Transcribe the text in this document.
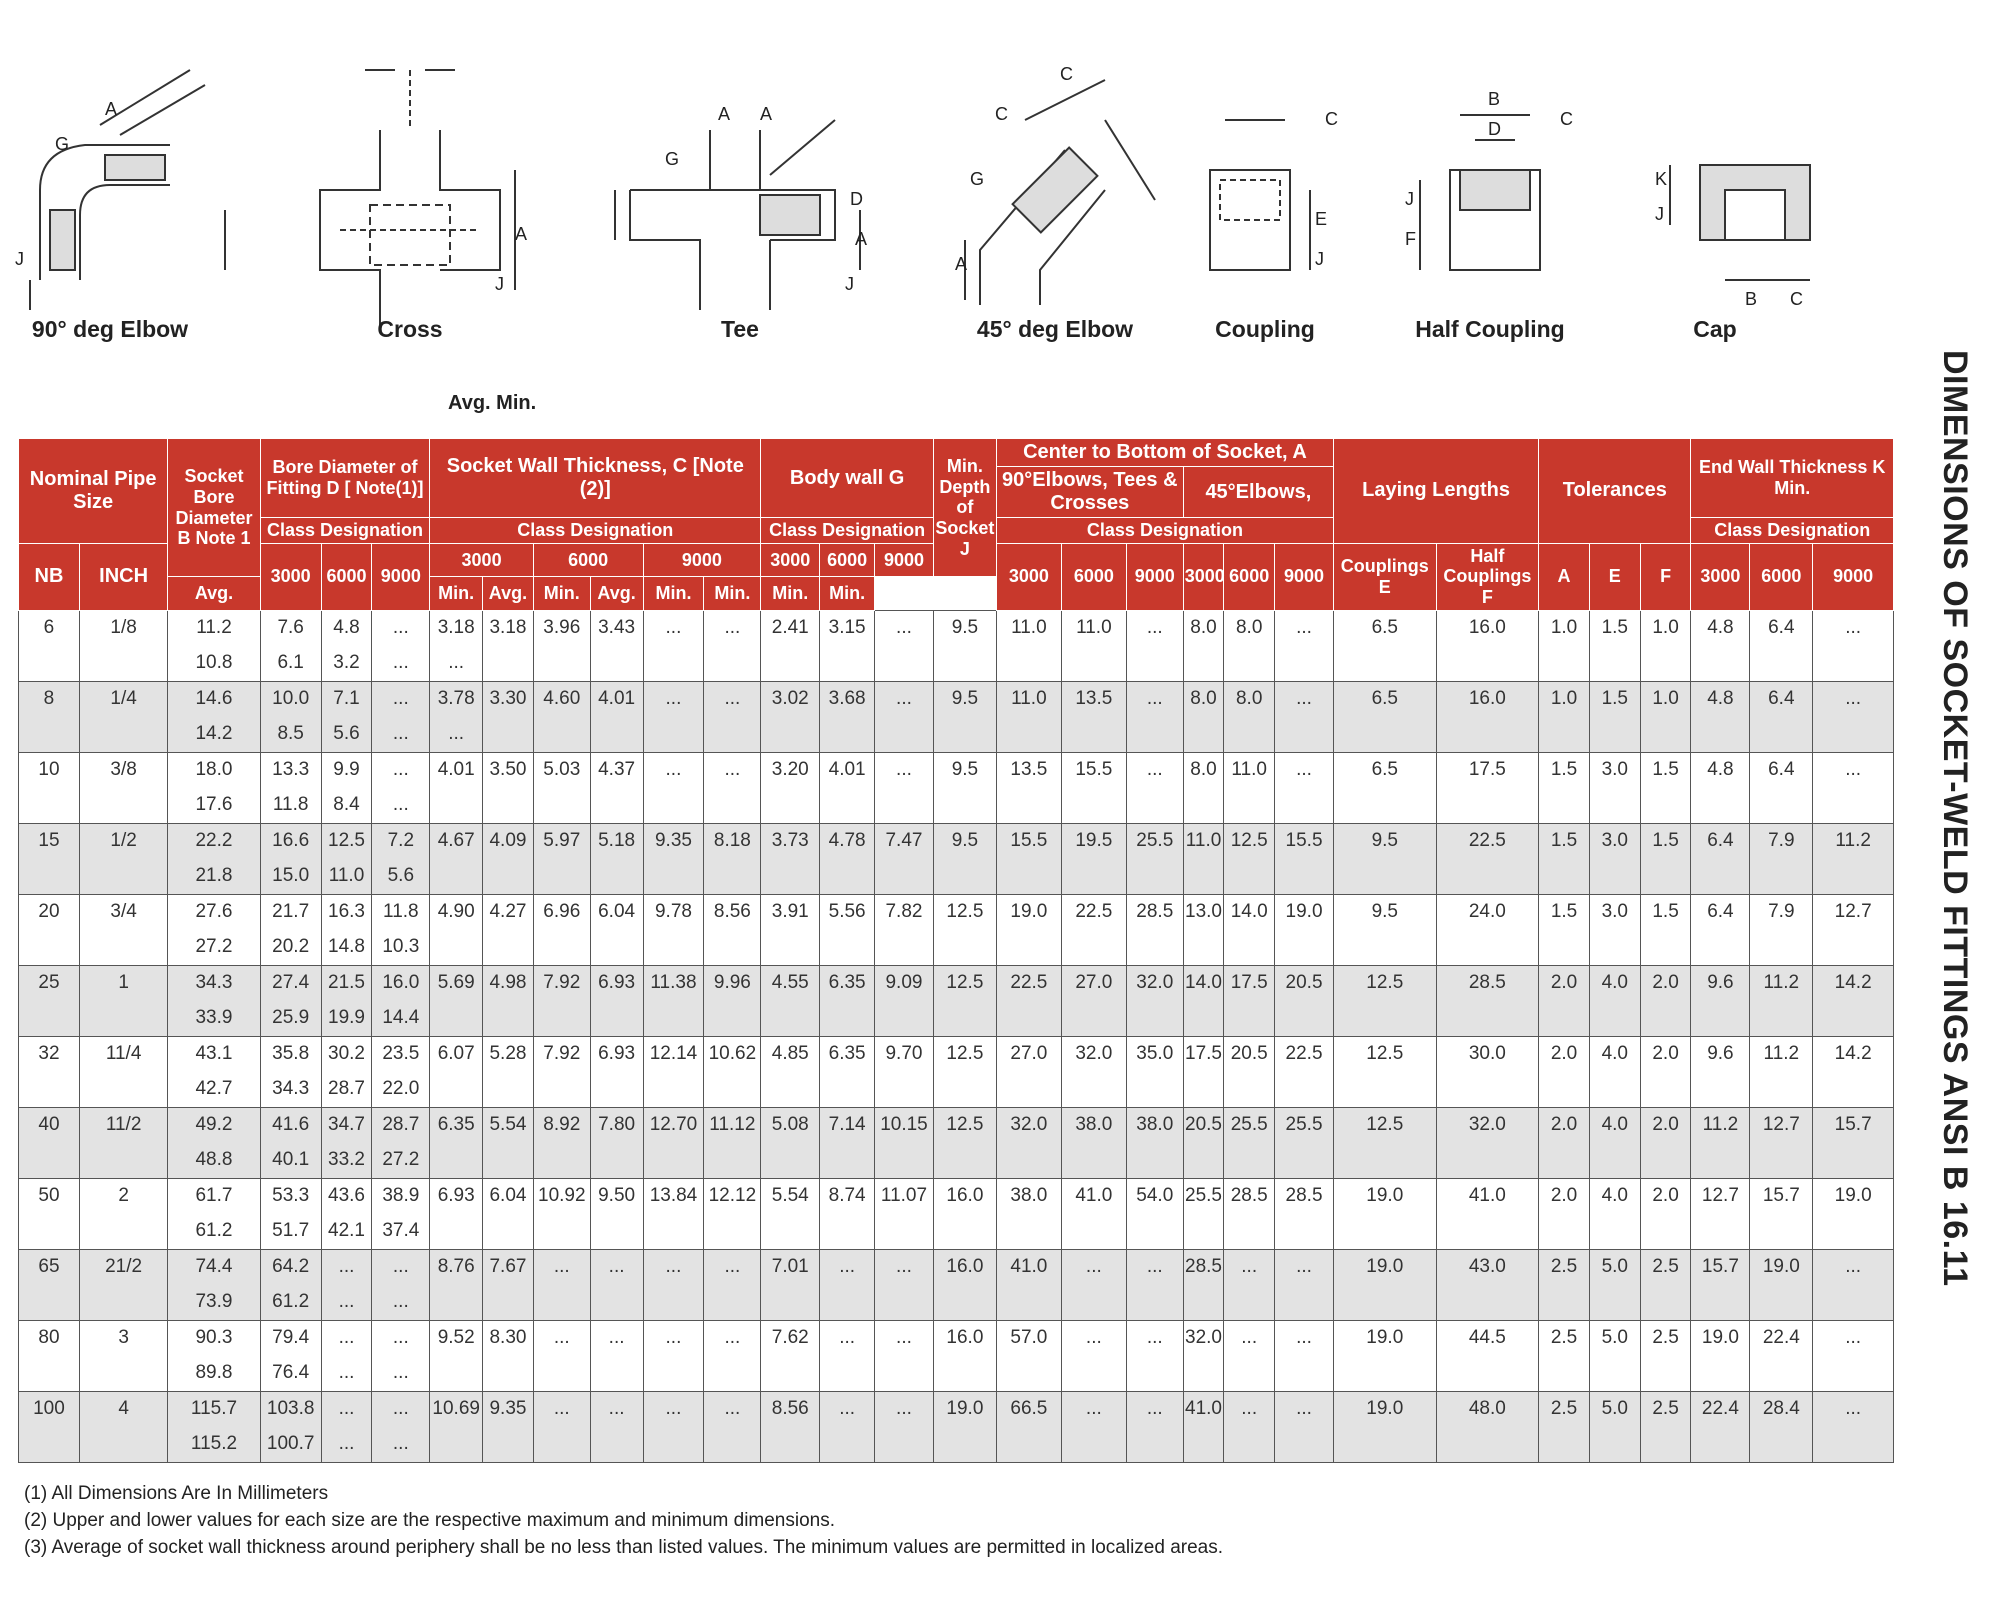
A
G
J
90° deg Elbow
A
J
Cross
A A
G
D
A
J
Tee
C
C
G
A
45° deg Elbow
C
E
J
Coupling
B
D	C
J
F
Half Coupling
K
J
B C
Cap
Avg. Min.	DIMENSIONS OF SOCKET-WELD FITTINGS ANSI B 16.11
Nominal Pipe Size		Socket Bore Diameter B Note 1	Bore Diameter of Fitting D [ Note(1)]			Socket Wall Thickness, C [Note (2)]						Body wall G			Min. Depth of Socket J	Center to Bottom of Socket, A						Laying Lengths		Tolerances			End Wall Thickness K Min.		
																90°Elbows, Tees & Crosses			45°Elbows,										
			Class Designation			Class Designation						Class Designation				Class Designation											Class Designation		
NB	INCH		3000	6000	9000	3000		6000		9000		3000	6000	9000		3000	6000	9000	3000	6000	9000	Couplings E	Half Couplings F	A	E	F	3000	6000	9000
		Avg.				Min.	Avg.	Min.	Avg.	Min.	Min.	Min.	Min.																
6	1/8	11.2	7.6	4.8	...	3.18	3.18	3.96	3.43	...	...	2.41	3.15	...	9.5	11.0	11.0	...	8.0	8.0	...	6.5	16.0	1.0	1.5	1.0	4.8	6.4	...
		10.8	6.1	3.2	...	...																							
8	1/4	14.6	10.0	7.1	...	3.78	3.30	4.60	4.01	...	...	3.02	3.68	...	9.5	11.0	13.5	...	8.0	8.0	...	6.5	16.0	1.0	1.5	1.0	4.8	6.4	...
		14.2	8.5	5.6	...	...																							
10	3/8	18.0	13.3	9.9	...	4.01	3.50	5.03	4.37	...	...	3.20	4.01	...	9.5	13.5	15.5	...	8.0	11.0	...	6.5	17.5	1.5	3.0	1.5	4.8	6.4	...
		17.6	11.8	8.4	...																								
15	1/2	22.2	16.6	12.5	7.2	4.67	4.09	5.97	5.18	9.35	8.18	3.73	4.78	7.47	9.5	15.5	19.5	25.5	11.0	12.5	15.5	9.5	22.5	1.5	3.0	1.5	6.4	7.9	11.2
		21.8	15.0	11.0	5.6																								
20	3/4	27.6	21.7	16.3	11.8	4.90	4.27	6.96	6.04	9.78	8.56	3.91	5.56	7.82	12.5	19.0	22.5	28.5	13.0	14.0	19.0	9.5	24.0	1.5	3.0	1.5	6.4	7.9	12.7
		27.2	20.2	14.8	10.3																								
25	1	34.3	27.4	21.5	16.0	5.69	4.98	7.92	6.93	11.38	9.96	4.55	6.35	9.09	12.5	22.5	27.0	32.0	14.0	17.5	20.5	12.5	28.5	2.0	4.0	2.0	9.6	11.2	14.2
		33.9	25.9	19.9	14.4																								
32	11/4	43.1	35.8	30.2	23.5	6.07	5.28	7.92	6.93	12.14	10.62	4.85	6.35	9.70	12.5	27.0	32.0	35.0	17.5	20.5	22.5	12.5	30.0	2.0	4.0	2.0	9.6	11.2	14.2
		42.7	34.3	28.7	22.0																								
40	11/2	49.2	41.6	34.7	28.7	6.35	5.54	8.92	7.80	12.70	11.12	5.08	7.14	10.15	12.5	32.0	38.0	38.0	20.5	25.5	25.5	12.5	32.0	2.0	4.0	2.0	11.2	12.7	15.7
		48.8	40.1	33.2	27.2																								
50	2	61.7	53.3	43.6	38.9	6.93	6.04	10.92	9.50	13.84	12.12	5.54	8.74	11.07	16.0	38.0	41.0	54.0	25.5	28.5	28.5	19.0	41.0	2.0	4.0	2.0	12.7	15.7	19.0
		61.2	51.7	42.1	37.4																								
65	21/2	74.4	64.2	...	...	8.76	7.67	...	...	...	...	7.01	...	...	16.0	41.0	...	...	28.5	...	...	19.0	43.0	2.5	5.0	2.5	15.7	19.0	...
		73.9	61.2	...	...																								
80	3	90.3	79.4	...	...	9.52	8.30	...	...	...	...	7.62	...	...	16.0	57.0	...	...	32.0	...	...	19.0	44.5	2.5	5.0	2.5	19.0	22.4	...
		89.8	76.4	...	...																								
100	4	115.7	103.8	...	...	10.69	9.35	...	...	...	...	8.56	...	...	19.0	66.5	...	...	41.0	...	...	19.0	48.0	2.5	5.0	2.5	22.4	28.4	...
		115.2	100.7	...	...																								
(1) All Dimensions Are In Millimeters
(2) Upper and lower values for each size are the respective maximum and minimum dimensions.
(3) Average of socket wall thickness around periphery shall be no less than listed values. The minimum values are permitted in localized areas.
